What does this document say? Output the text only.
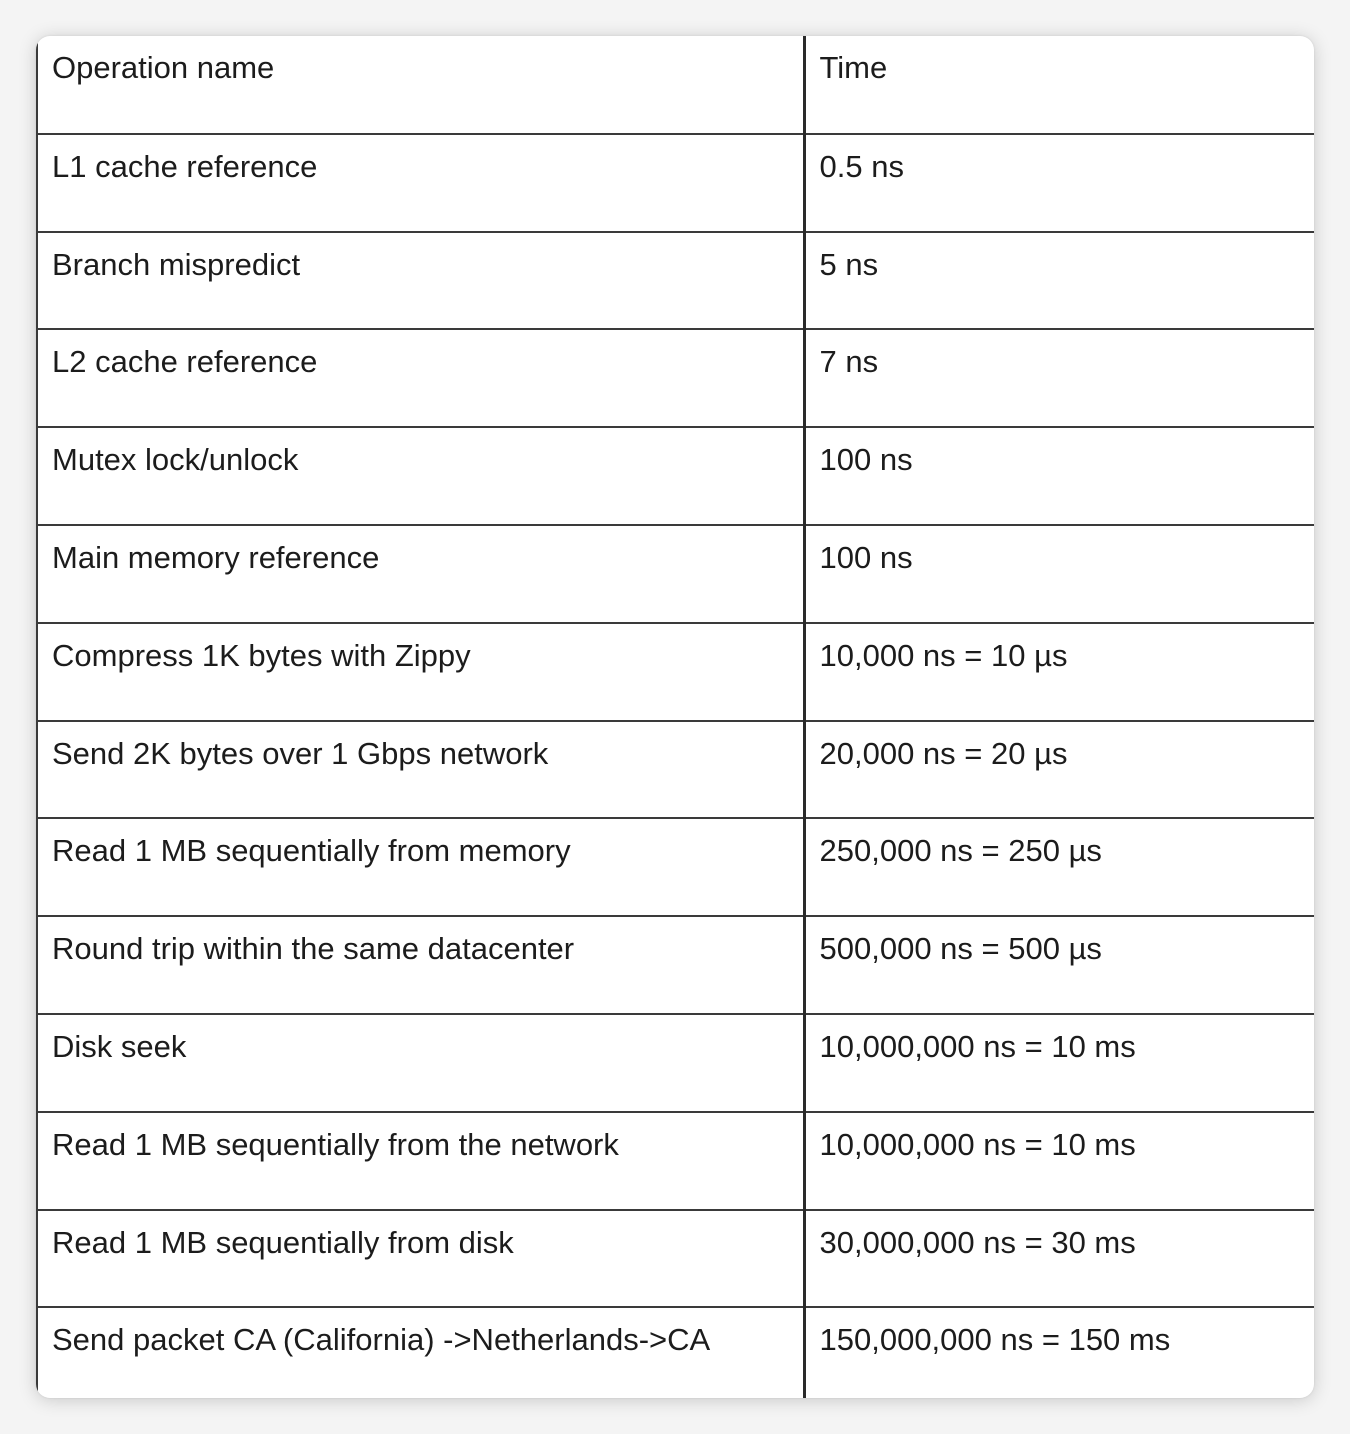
Operation name	Time
L1 cache reference	0.5 ns
Branch mispredict	5 ns
L2 cache reference	7 ns
Mutex lock/unlock	100 ns
Main memory reference	100 ns
Compress 1K bytes with Zippy	10,000 ns = 10 µs
Send 2K bytes over 1 Gbps network	20,000 ns = 20 µs
Read 1 MB sequentially from memory	250,000 ns = 250 µs
Round trip within the same datacenter	500,000 ns = 500 µs
Disk seek	10,000,000 ns = 10 ms
Read 1 MB sequentially from the network	10,000,000 ns = 10 ms
Read 1 MB sequentially from disk	30,000,000 ns = 30 ms
Send packet CA (California) ->Netherlands->CA	150,000,000 ns = 150 ms
